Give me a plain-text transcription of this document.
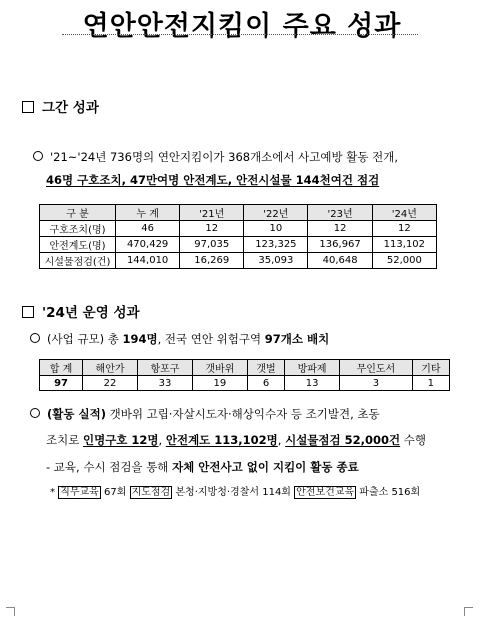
연안안전지킴이 주요 성과
그간 성과
'21~'24년 736명의 연안지킴이가 368개소에서 사고예방 활동 전개,
46명 구호조치, 47만여명 안전계도, 안전시설물 144천여건 점검
구 분	누 계	'21년	'22년	'23년	'24년
구호조치(명)	46	12	10	12	12
안전계도(명)	470,429	97,035	123,325	136,967	113,102
시설물점검(건)	144,010	16,269	35,093	40,648	52,000
'24년 운영 성과
(사업 규모) 총 194명, 전국 연안 위험구역 97개소 배치
합 계	해안가	항포구	갯바위	갯벌	방파제	무인도서	기타
97	22	33	19	6	13	3	1
(활동 실적) 갯바위 고립·자살시도자·해상익수자 등 조기발견, 초동
조치로 인명구호 12명, 안전계도 113,102명, 시설물점검 52,000건 수행
- 교육, 수시 점검을 통해 자체 안전사고 없이 지킴이 활동 종료
* 직무교육 67회 지도점검 본청·지방청·경찰서 114회 안전보건교육 파출소 516회
